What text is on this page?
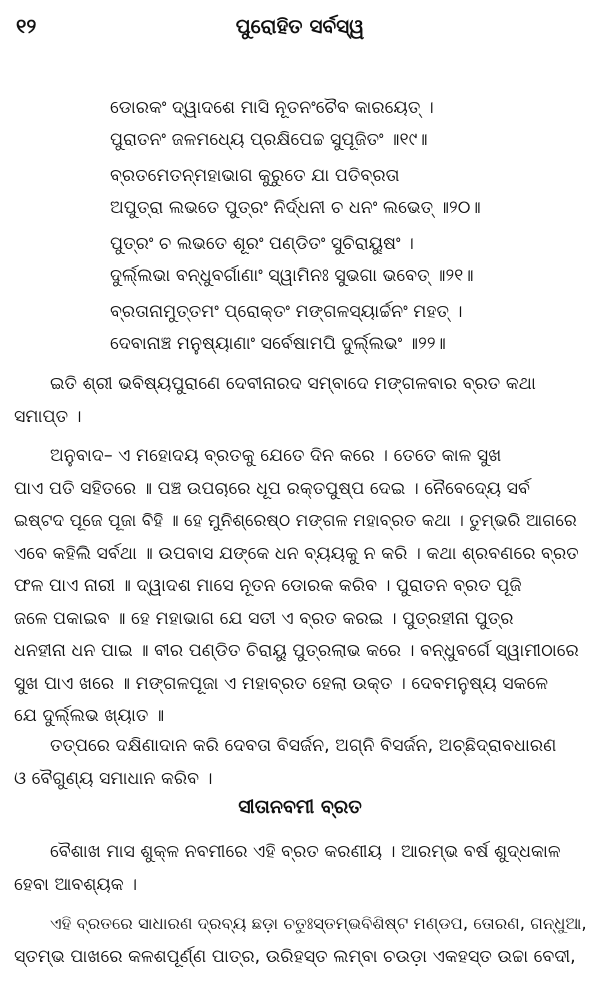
୧୨	ପୁରୋହିତ ସର୍ବସ୍ୱ
ଡୋରକଂ ଦ୍ୱାଦଶେ ମାସି ନୂତନଂଚୈବ କାରୟେତ୍ ।
ପୁରାତନଂ ଜଳମଧ୍ୟେ ପ୍ରକ୍ଷିପେଚ୍ଚ ସୁପୂଜିତଂ ॥୧୯॥
ବ୍ରତମେତନ୍ମହାଭାଗ କୁରୁତେ ଯା ପତିବ୍ରତା
ଅପୁତ୍ରା ଲଭତେ ପୁତ୍ରଂ ନିର୍ଦ୍ଧନୀ ଚ ଧନଂ ଲଭେତ୍ ॥୨୦॥
ପୁତ୍ରଂ ଚ ଲଭତେ ଶୂରଂ ପଣ୍ଡିତଂ ସୁଚିରାୟୁଷଂ ।
ଦୁର୍ଲ୍ଲଭା ବନ୍ଧୁବର୍ଗାଣାଂ ସ୍ୱାମିନଃ ସୁଭଗା ଭବେତ୍ ॥୨୧॥
ବ୍ରତାନାମୁତ୍ତମଂ ପ୍ରୋକ୍ତଂ ମଙ୍ଗଳସ୍ୟାର୍ଚ୍ଚନଂ ମହତ୍ ।
ଦେବାନାଞ୍ଚ ମନୁଷ୍ୟାଣାଂ ସର୍ବେଷାମପି ଦୁର୍ଲ୍ଲଭଂ ॥୨୨॥
ଇତି ଶ୍ରୀ ଭବିଷ୍ୟପୁରାଣେ ଦେବୀନାରଦ ସମ୍ବାଦେ ମଙ୍ଗଳବାର ବ୍ରତ କଥା
ସମାପ୍ତ ।
ଅନୁବାଦ– ଏ ମହୋଦୟ ବ୍ରତକୁ ଯେତେ ଦିନ କରେ । ତେତେ କାଳ ସୁଖ
ପାଏ ପତି ସହିତରେ ॥ ପଞ୍ଚ ଉପଚାରେ ଧୂପ ରକ୍ତପୁଷ୍ପ ଦେଇ । ନୈବେଦ୍ୟେ ସର୍ବ
ଇଷ୍ଟଦ ପୂଜେ ପୂଜା ବିହି ॥ ହେ ମୁନିଶ୍ରେଷ୍ଠ ମଙ୍ଗଳ ମହାବ୍ରତ କଥା । ତୁମ୍ଭରି ଆଗରେ
ଏବେ କହିଲି ସର୍ବଥା ॥ ଉପବାସ ଯଙ୍କେ ଧନ ବ୍ୟୟକୁ ନ କରି । କଥା ଶ୍ରବଣରେ ବ୍ରତ
ଫଳ ପାଏ ନାରୀ ॥ ଦ୍ୱାଦଶ ମାସେ ନୂତନ ଡୋରକ କରିବ । ପୁରାତନ ବ୍ରତ ପୂଜି
ଜଳେ ପକାଇବ ॥ ହେ ମହାଭାଗ ଯେ ସତୀ ଏ ବ୍ରତ କରଇ । ପୁତ୍ରହୀନା ପୁତ୍ର
ଧନହୀନା ଧନ ପାଇ ॥ ବୀର ପଣ୍ଡିତ ଚିରାୟୁ ପୁତ୍ରଲାଭ କରେ । ବନ୍ଧୁବର୍ଗେ ସ୍ୱାମୀଠାରେ
ସୁଖ ପାଏ ଖରେ ॥ ମଙ୍ଗଳପୂଜା ଏ ମହାବ୍ରତ ହେଲା ଉକ୍ତ । ଦେବମନୁଷ୍ୟ ସକଳେ
ଯେ ଦୁର୍ଲ୍ଲଭ ଖ୍ୟାତ ॥
ତତ୍ପରେ ଦକ୍ଷିଣାଦାନ କରି ଦେବତା ବିସର୍ଜନ, ଅଗ୍ନି ବିସର୍ଜନ, ଅଚ୍ଛିଦ୍ରାବଧାରଣ
ଓ ବୈଗୁଣ୍ୟ ସମାଧାନ କରିବ ।
ସୀତାନବମୀ ବ୍ରତ
ବୈଶାଖ ମାସ ଶୁକ୍ଳ ନବମୀରେ ଏହି ବ୍ରତ କରଣୀୟ । ଆରମ୍ଭ ବର୍ଷ ଶୁଦ୍ଧକାଳ
ହେବା ଆବଶ୍ୟକ ।
ଏହି ବ୍ରତରେ ସାଧାରଣ ଦ୍ରବ୍ୟ ଛଡ଼ା ଚତୁଃସ୍ତମ୍ଭବିଶିଷ୍ଟ ମଣ୍ଡପ, ତୋରଣ, ଗନ୍ଧୁଆ,
ସ୍ତମ୍ଭ ପାଖରେ କଳଶପୂର୍ଣ୍ଣ ପାତ୍ର, ଉରିହସ୍ତ ଲମ୍ବା ଚଉଡ଼ା ଏକହସ୍ତ ଉଚ୍ଚା ବେଦୀ,
